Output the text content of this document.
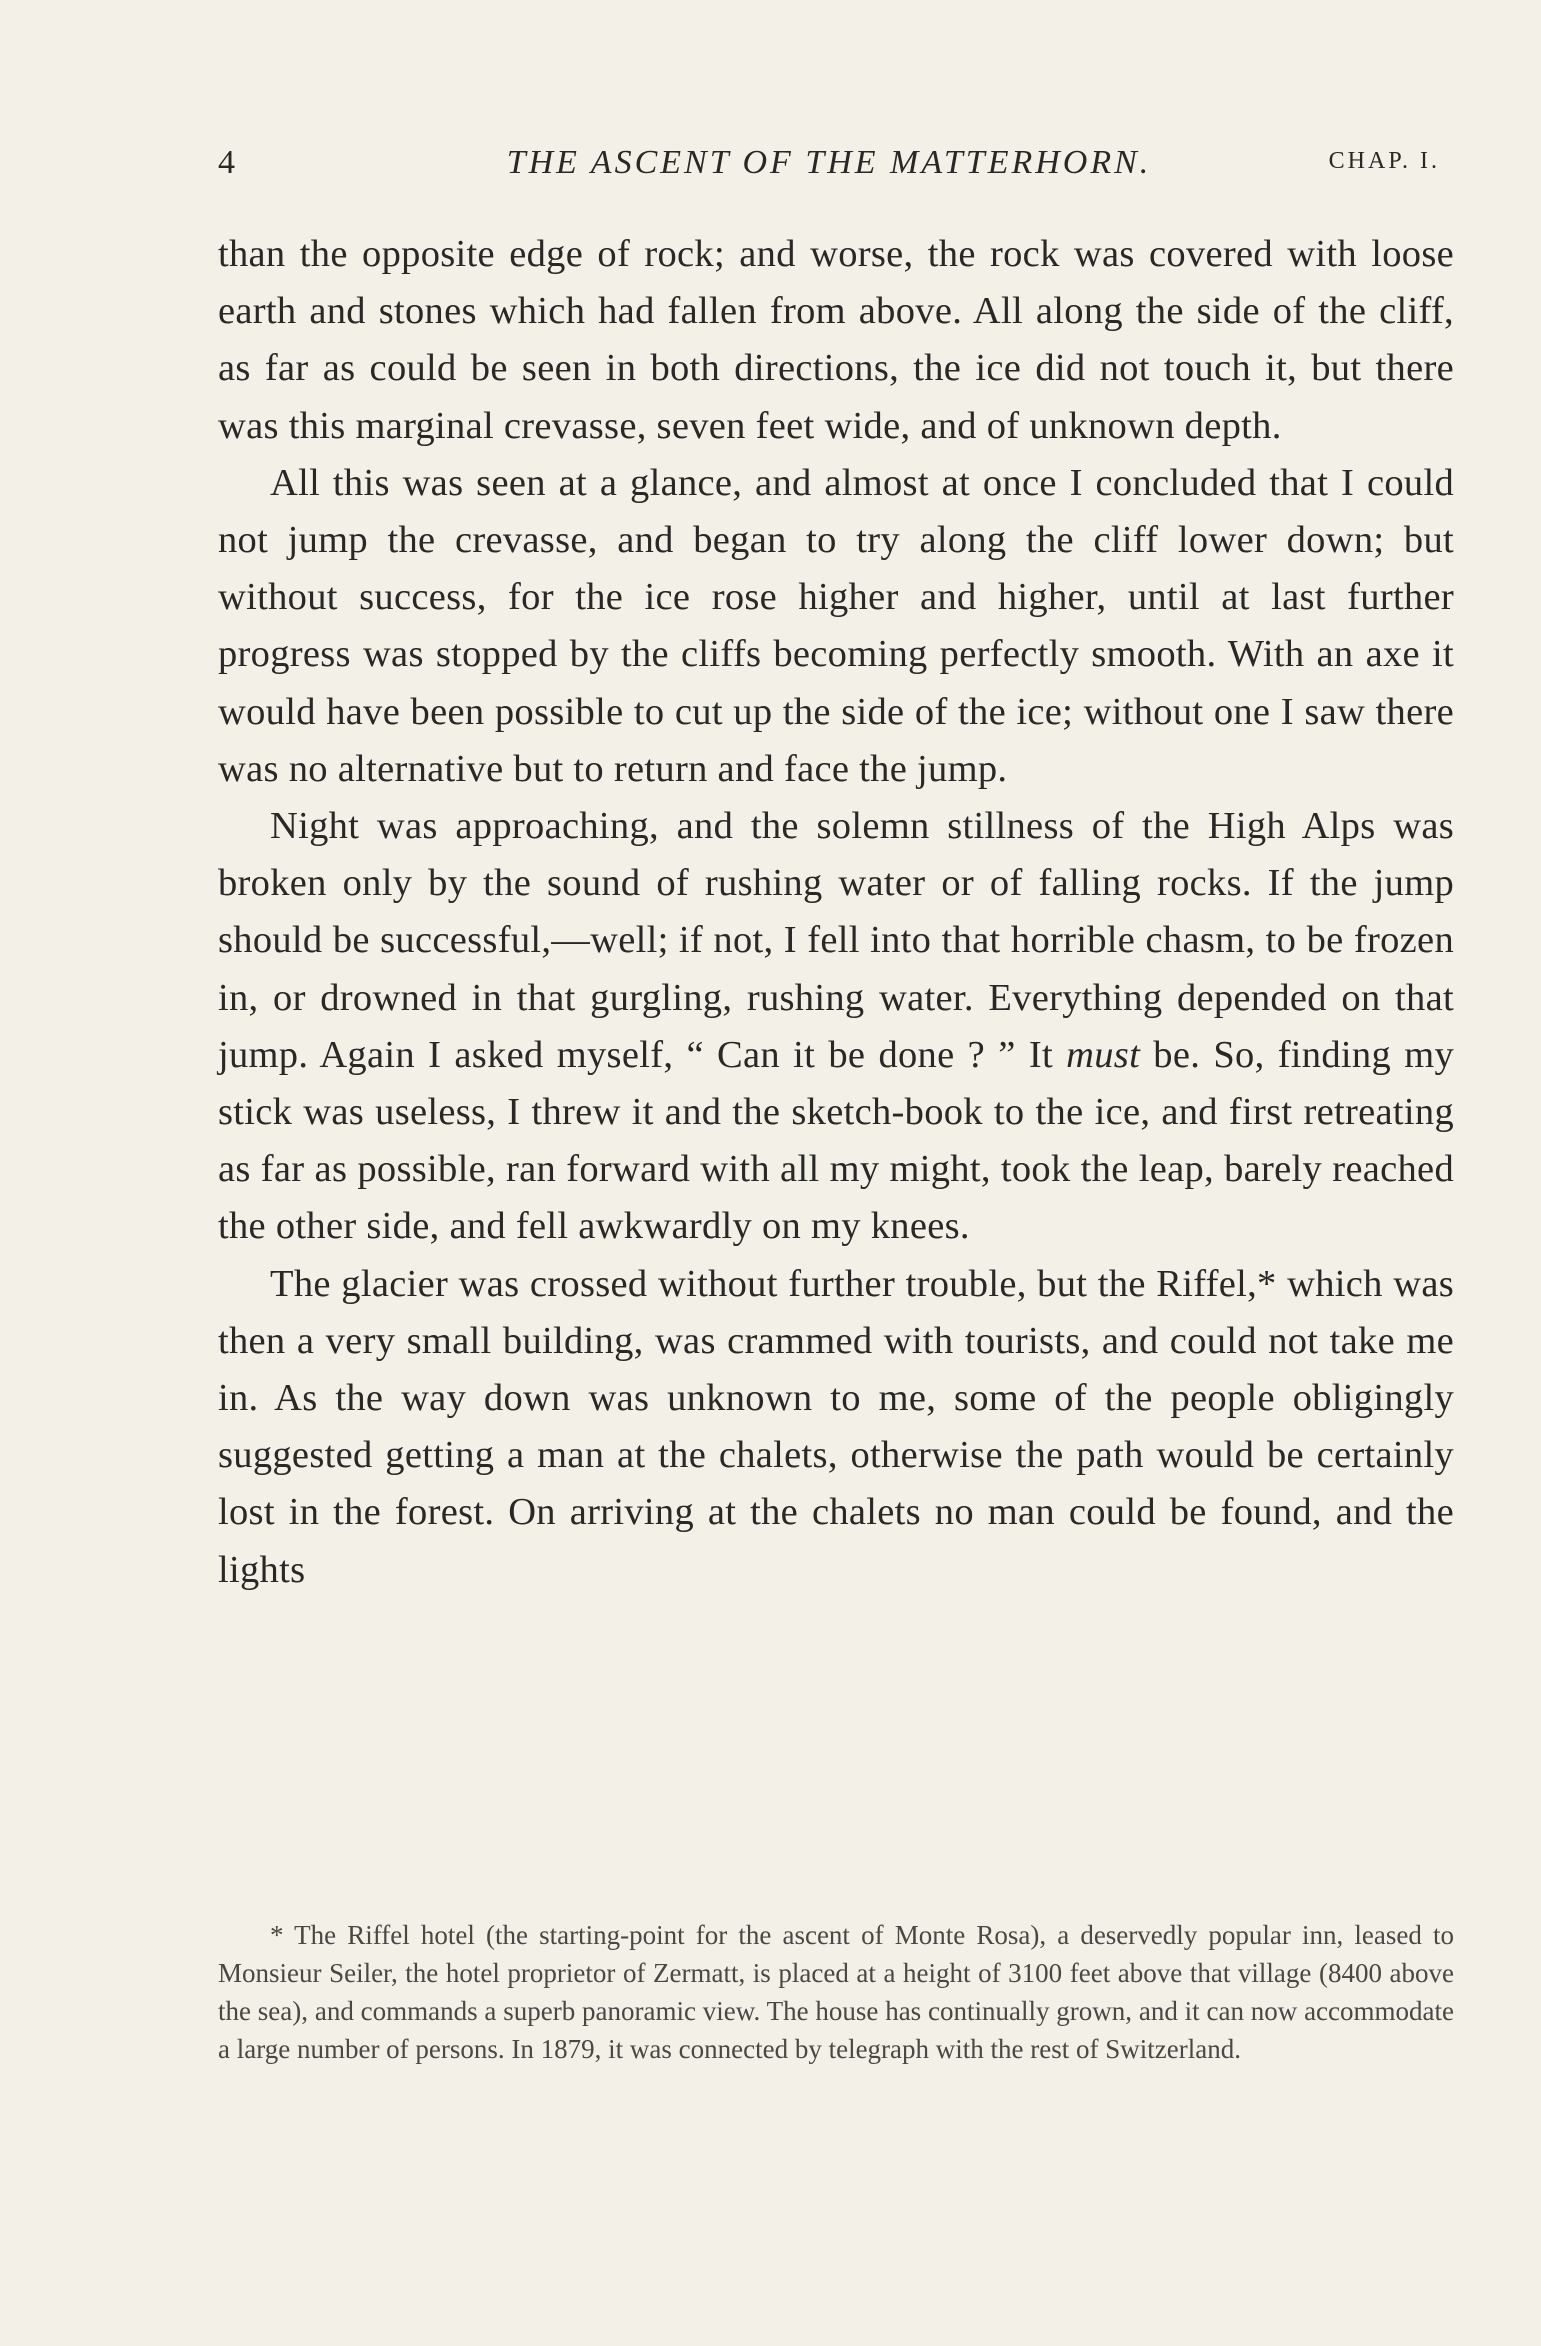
4	THE ASCENT OF THE MATTERHORN.	CHAP. I.

than the opposite edge of rock; and worse, the rock was covered with loose earth and stones which had fallen from above. All along the side of the cliff, as far as could be seen in both directions, the ice did not touch it, but there was this marginal crevasse, seven feet wide, and of unknown depth.

All this was seen at a glance, and almost at once I concluded that I could not jump the crevasse, and began to try along the cliff lower down; but without success, for the ice rose higher and higher, until at last further progress was stopped by the cliffs becoming perfectly smooth. With an axe it would have been possible to cut up the side of the ice; without one I saw there was no alternative but to return and face the jump.

Night was approaching, and the solemn stillness of the High Alps was broken only by the sound of rushing water or of falling rocks. If the jump should be successful,—well; if not, I fell into that horrible chasm, to be frozen in, or drowned in that gurgling, rushing water. Everything depended on that jump. Again I asked myself, “ Can it be done ? ” It must be. So, finding my stick was useless, I threw it and the sketch-book to the ice, and first retreating as far as possible, ran forward with all my might, took the leap, barely reached the other side, and fell awkwardly on my knees.

The glacier was crossed without further trouble, but the Riffel,* which was then a very small building, was crammed with tourists, and could not take me in. As the way down was unknown to me, some of the people obligingly suggested getting a man at the chalets, otherwise the path would be certainly lost in the forest. On arriving at the chalets no man could be found, and the lights

* The Riffel hotel (the starting-point for the ascent of Monte Rosa), a deservedly popular inn, leased to Monsieur Seiler, the hotel proprietor of Zermatt, is placed at a height of 3100 feet above that village (8400 above the sea), and commands a superb panoramic view. The house has continually grown, and it can now accommodate a large number of persons. In 1879, it was connected by telegraph with the rest of Switzerland.
